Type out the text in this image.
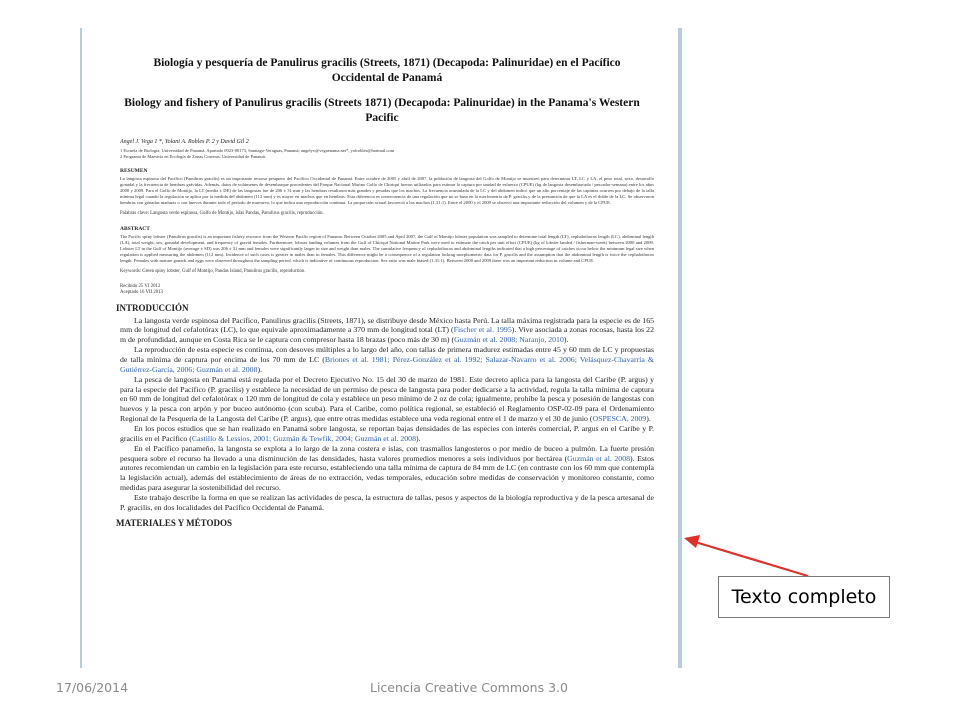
Biología y pesquería de Panulirus gracilis (Streets, 1871) (Decapoda: Palinuridae) en el Pacífico Occidental de Panamá
Biology and fishery of Panulirus gracilis (Streets 1871) (Decapoda: Palinuridae) in the Panama's Western Pacific
Angel J. Vega 1 *, Yolani A. Robles P. 2 y David Gil 2

1 Escuela de Biología, Universidad de Panamá. Apartado 0923-00173, Santiago-Veraguas, Panamá; angelyv@vegaenama.net*, yolrobles@hotmail.com

2 Programa de Maestría en Ecología de Zonas Costeras. Universidad de Panamá.

RESUMEN

La langosta espinosa del Pacífico (Panulirus gracilis) es un importante recurso pesquero del Pacífico Occidental de Panamá. Entre octubre de 2005 y abril de 2007, la población de langosta del Golfo de Montijo se muestreó para determinar LT, LC y LA, el peso total, sexo, desarrollo gonadal y la frecuencia de hembras grávidas. Además, datos de volúmenes de desembarque procedentes del Parque Nacional Marino Golfo de Chiriquí fueron utilizados para estimar la captura por unidad de esfuerzo (CPUE) (kg de langosta desembarcada / pescador-semana) entre los años 2000 y 2009. Para el Golfo de Montijo, la LT (media ± DE) de las langostas fue de 206 ± 31 mm y las hembras resultaron más grandes y pesadas que los machos. La frecuencia acumulada de la LC y del abdomen indicó que un alto porcentaje de las capturas ocurren por debajo de la talla mínima legal cuando la regulación se aplica por la medida del abdomen (112 mm) y es mayor en machos que en hembras. Esta diferencia es consecuencia de una regulación que no se basa en la morfometría de P. gracilis y de la presunción de que la LA es el doble de la LC. Se observaron hembras con gónadas maduras o con huevos durante todo el período de muestreo, lo que indica una reproducción continua. La proporción sexual favoreció a los machos (1.31:1). Entre el 2000 y el 2009 se observó una importante reducción del volumen y de la CPUE.

Palabras clave: Langosta verde espinosa, Golfo de Montijo, islas Pandas, Panulirus gracilis, reproducción.

ABSTRACT

The Pacific spiny lobster (Panulirus gracilis) is an important fishery resource from the Western Pacific region of Panama. Between October 2005 and April 2007, the Gulf of Montijo lobster population was sampled to determine total length (LT), cephalothorax length (LC), abdominal length (LA), total weight, sex, gonadal development, and frequency of gravid females. Furthermore, lobster landing volumes from the Gulf of Chiriquí National Marine Park were used to estimate the catch per unit effort (CPUE) (kg of lobster landed / fisherman-week) between 2000 and 2009. Lobster LT in the Gulf of Montijo (average ± SD) was 206 ± 31 mm and females were significantly larger in size and weight than males. The cumulative frequency of cephalothorax and abdominal lengths indicated that a high percentage of catches occur below the minimum legal size when regulation is applied measuring the abdomen (112 mm). Incidence of such cases is greater in males than in females. This difference might be a consequence of a regulation lacking morphometric data for P. gracilis and the assumption that the abdominal length is twice the cephalothorax length. Females with mature gonads and eggs were observed throughout the sampling period, which is indicative of continuous reproduction. Sex ratio was male biased (1.31:1). Between 2000 and 2009 there was an important reduction in volume and CPUE.

Keywords: Green spiny lobster, Gulf of Montijo, Pandas Island, Panulirus gracilis, reproduction.

Recibido 25 VI 2012
Aceptado 16 VII 2013
INTRODUCCIÓN

La langosta verde espinosa del Pacífico, Panulirus gracilis (Streets, 1871), se distribuye desde México hasta Perú. La talla máxima registrada para la especie es de 165 mm de longitud del cefalotórax (LC), lo que equivale aproximadamente a 370 mm de longitud total (LT) (Fischer et al. 1995). Vive asociada a zonas rocosas, hasta los 22 m de profundidad, aunque en Costa Rica se le captura con compresor hasta 18 brazas (poco más de 30 m) (Guzmán et al. 2008; Naranjo, 2010).

La reproducción de esta especie es continua, con desoves múltiples a lo largo del año, con tallas de primera madurez estimadas entre 45 y 60 mm de LC y propuestas de talla mínima de captura por encima de los 70 mm de LC (Briones et al. 1981; Pérez-González et al. 1992; Salazar-Navarro et al. 2006; Velásquez-Chavarría & Gutiérrez-García, 2006; Guzmán et al. 2008).

La pesca de langosta en Panamá está regulada por el Decreto Ejecutivo No. 15 del 30 de marzo de 1981. Este decreto aplica para la langosta del Caribe (P. argus) y para la especie del Pacífico (P. gracilis) y establece la necesidad de un permiso de pesca de langosta para poder dedicarse a la actividad, regula la talla mínima de captura en 60 mm de longitud del cefalotórax o 120 mm de longitud de cola y establece un peso mínimo de 2 oz de cola; igualmente, prohíbe la pesca y posesión de langostas con huevos y la pesca con arpón y por buceo autónomo (con scuba). Para el Caribe, como política regional, se estableció el Reglamento OSP-02-09 para el Ordenamiento Regional de la Pesquería de la Langosta del Caribe (P. argus), que entre otras medidas establece una veda regional entre el 1 de marzo y el 30 de junio (OSPESCA, 2009).

En los pocos estudios que se han realizado en Panamá sobre langosta, se reportan bajas densidades de las especies con interés comercial, P. argus en el Caribe y P. gracilis en el Pacífico (Castillo & Lessios, 2001; Guzmán & Tewfik, 2004; Guzmán et al. 2008).

En el Pacífico panameño, la langosta se explota a lo largo de la zona costera e islas, con trasmallos langosteros o por medio de buceo a pulmón. La fuerte presión pesquera sobre el recurso ha llevado a una disminución de las densidades, hasta valores promedios menores a seis individuos por hectárea (Guzmán et al. 2008). Estos autores recomiendan un cambio en la legislación para este recurso, estableciendo una talla mínima de captura de 84 mm de LC (en contraste con los 60 mm que contempla la legislación actual), además del establecimiento de áreas de no extracción, vedas temporales, educación sobre medidas de conservación y monitoreo constante, como medidas para asegurar la sostenibilidad del recurso.

Este trabajo describe la forma en que se realizan las actividades de pesca, la estructura de tallas, pesos y aspectos de la biología reproductiva y de la pesca artesanal de P. gracilis, en dos localidades del Pacífico Occidental de Panamá.

MATERIALES Y MÉTODOS
Texto completo
17/06/2014	Licencia Creative Commons 3.0
